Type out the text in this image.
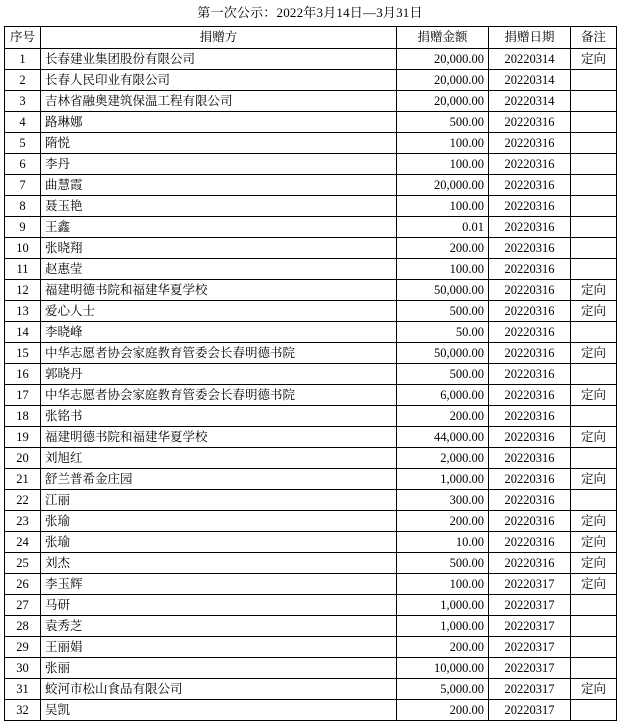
第一次公示：2022年3月14日—3月31日
序号	捐赠方	捐赠金额	捐赠日期	备注
1	长春建业集团股份有限公司	20,000.00	20220314	定向
2	长春人民印业有限公司	20,000.00	20220314	
3	吉林省融奥建筑保温工程有限公司	20,000.00	20220314	
4	路琳娜	500.00	20220316	
5	隋悦	100.00	20220316	
6	李丹	100.00	20220316	
7	曲慧霞	20,000.00	20220316	
8	聂玉艳	100.00	20220316	
9	王鑫	0.01	20220316	
10	张晓翔	200.00	20220316	
11	赵惠莹	100.00	20220316	
12	福建明德书院和福建华夏学校	50,000.00	20220316	定向
13	爱心人士	500.00	20220316	定向
14	李晓峰	50.00	20220316	
15	中华志愿者协会家庭教育管委会长春明德书院	50,000.00	20220316	定向
16	郭晓丹	500.00	20220316	
17	中华志愿者协会家庭教育管委会长春明德书院	6,000.00	20220316	定向
18	张铭书	200.00	20220316	
19	福建明德书院和福建华夏学校	44,000.00	20220316	定向
20	刘旭红	2,000.00	20220316	
21	舒兰普希金庄园	1,000.00	20220316	定向
22	江丽	300.00	20220316	
23	张瑜	200.00	20220316	定向
24	张瑜	10.00	20220316	定向
25	刘杰	500.00	20220316	定向
26	李玉辉	100.00	20220317	定向
27	马研	1,000.00	20220317	
28	袁秀芝	1,000.00	20220317	
29	王丽娟	200.00	20220317	
30	张丽	10,000.00	20220317	
31	蛟河市松山食品有限公司	5,000.00	20220317	定向
32	吴凯	200.00	20220317	
